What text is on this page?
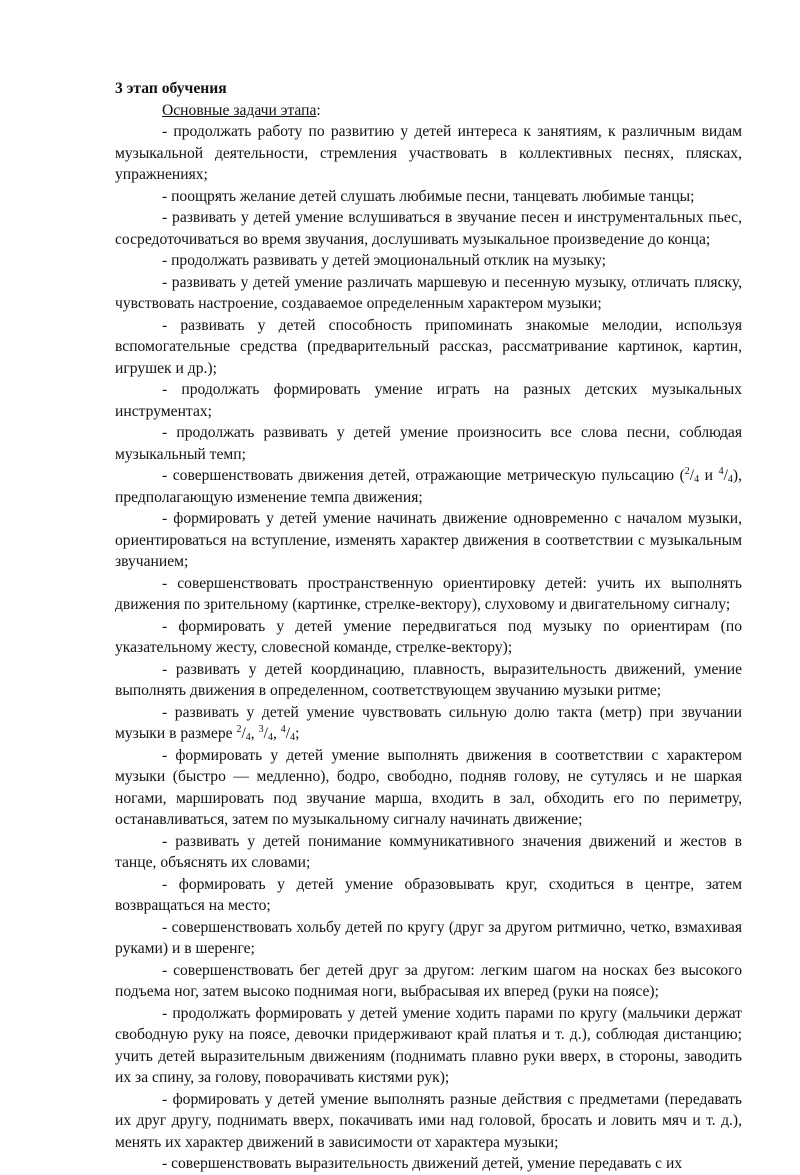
3 этап обучения

Основные задачи этапа:

- продолжать работу по развитию у детей интереса к занятиям, к различным видам музыкальной деятельности, стремления участвовать в коллективных песнях, плясках, упражнениях;

- поощрять желание детей слушать любимые песни, танцевать любимые танцы;

- развивать у детей умение вслушиваться в звучание песен и инструментальных пьес, сосредоточиваться во время звучания, дослушивать музыкальное произведение до конца;

- продолжать развивать у детей эмоциональный отклик на музыку;

- развивать у детей умение различать маршевую и песенную музыку, отличать пляску, чувствовать настроение, создаваемое определенным характером музыки;

- развивать у детей способность припоминать знакомые мелодии, используя вспомогательные средства (предварительный рассказ, рассматривание картинок, картин, игрушек и др.);

- продолжать формировать умение играть на разных детских музыкальных инструментах;

- продолжать развивать у детей умение произносить все слова песни, соблюдая музыкальный темп;

- совершенствовать движения детей, отражающие метрическую пульсацию ($^2/_4$ и $^4/_4$), предполагающую изменение темпа движения;

- формировать у детей умение начинать движение одновременно с началом музыки, ориентироваться на вступление, изменять характер движения в соответствии с музыкальным звучанием;

- совершенствовать пространственную ориентировку детей: учить их выполнять движения по зрительному (картинке, стрелке-вектору), слуховому и двигательному сигналу;

- формировать у детей умение передвигаться под музыку по ориентирам (по указательному жесту, словесной команде, стрелке-вектору);

- развивать у детей координацию, плавность, выразительность движений, умение выполнять движения в определенном, соответствующем звучанию музыки ритме;

- развивать у детей умение чувствовать сильную долю такта (метр) при звучании музыки в размере $^2/_4$, $^3/_4$, $^4/_4$;

- формировать у детей умение выполнять движения в соответствии с характером музыки (быстро — медленно), бодро, свободно, подняв голову, не сутулясь и не шаркая ногами, маршировать под звучание марша, входить в зал, обходить его по периметру, останавливаться, затем по музыкальному сигналу начинать движение;

- развивать у детей понимание коммуникативного значения движений и жестов в танце, объяснять их словами;

- формировать у детей умение образовывать круг, сходиться в центре, затем возвращаться на место;

- совершенствовать хольбу детей по кругу (друг за другом ритмично, четко, взмахивая руками) и в шеренге;

- совершенствовать бег детей друг за другом: легким шагом на носках без высокого подъема ног, затем высоко поднимая ноги, выбрасывая их вперед (руки на поясе);

- продолжать формировать у детей умение ходить парами по кругу (мальчики держат свободную руку на поясе, девочки придерживают край платья и т. д.), соблюдая дистанцию; учить детей выразительным движениям (поднимать плавно руки вверх, в стороны, заводить их за спину, за голову, поворачивать кистями рук);

- формировать у детей умение выполнять разные действия с предметами (передавать их друг другу, поднимать вверх, покачивать ими над головой, бросать и ловить мяч и т. д.), менять их характер движений в зависимости от характера музыки;

- совершенствовать выразительность движений детей, умение передавать с их
